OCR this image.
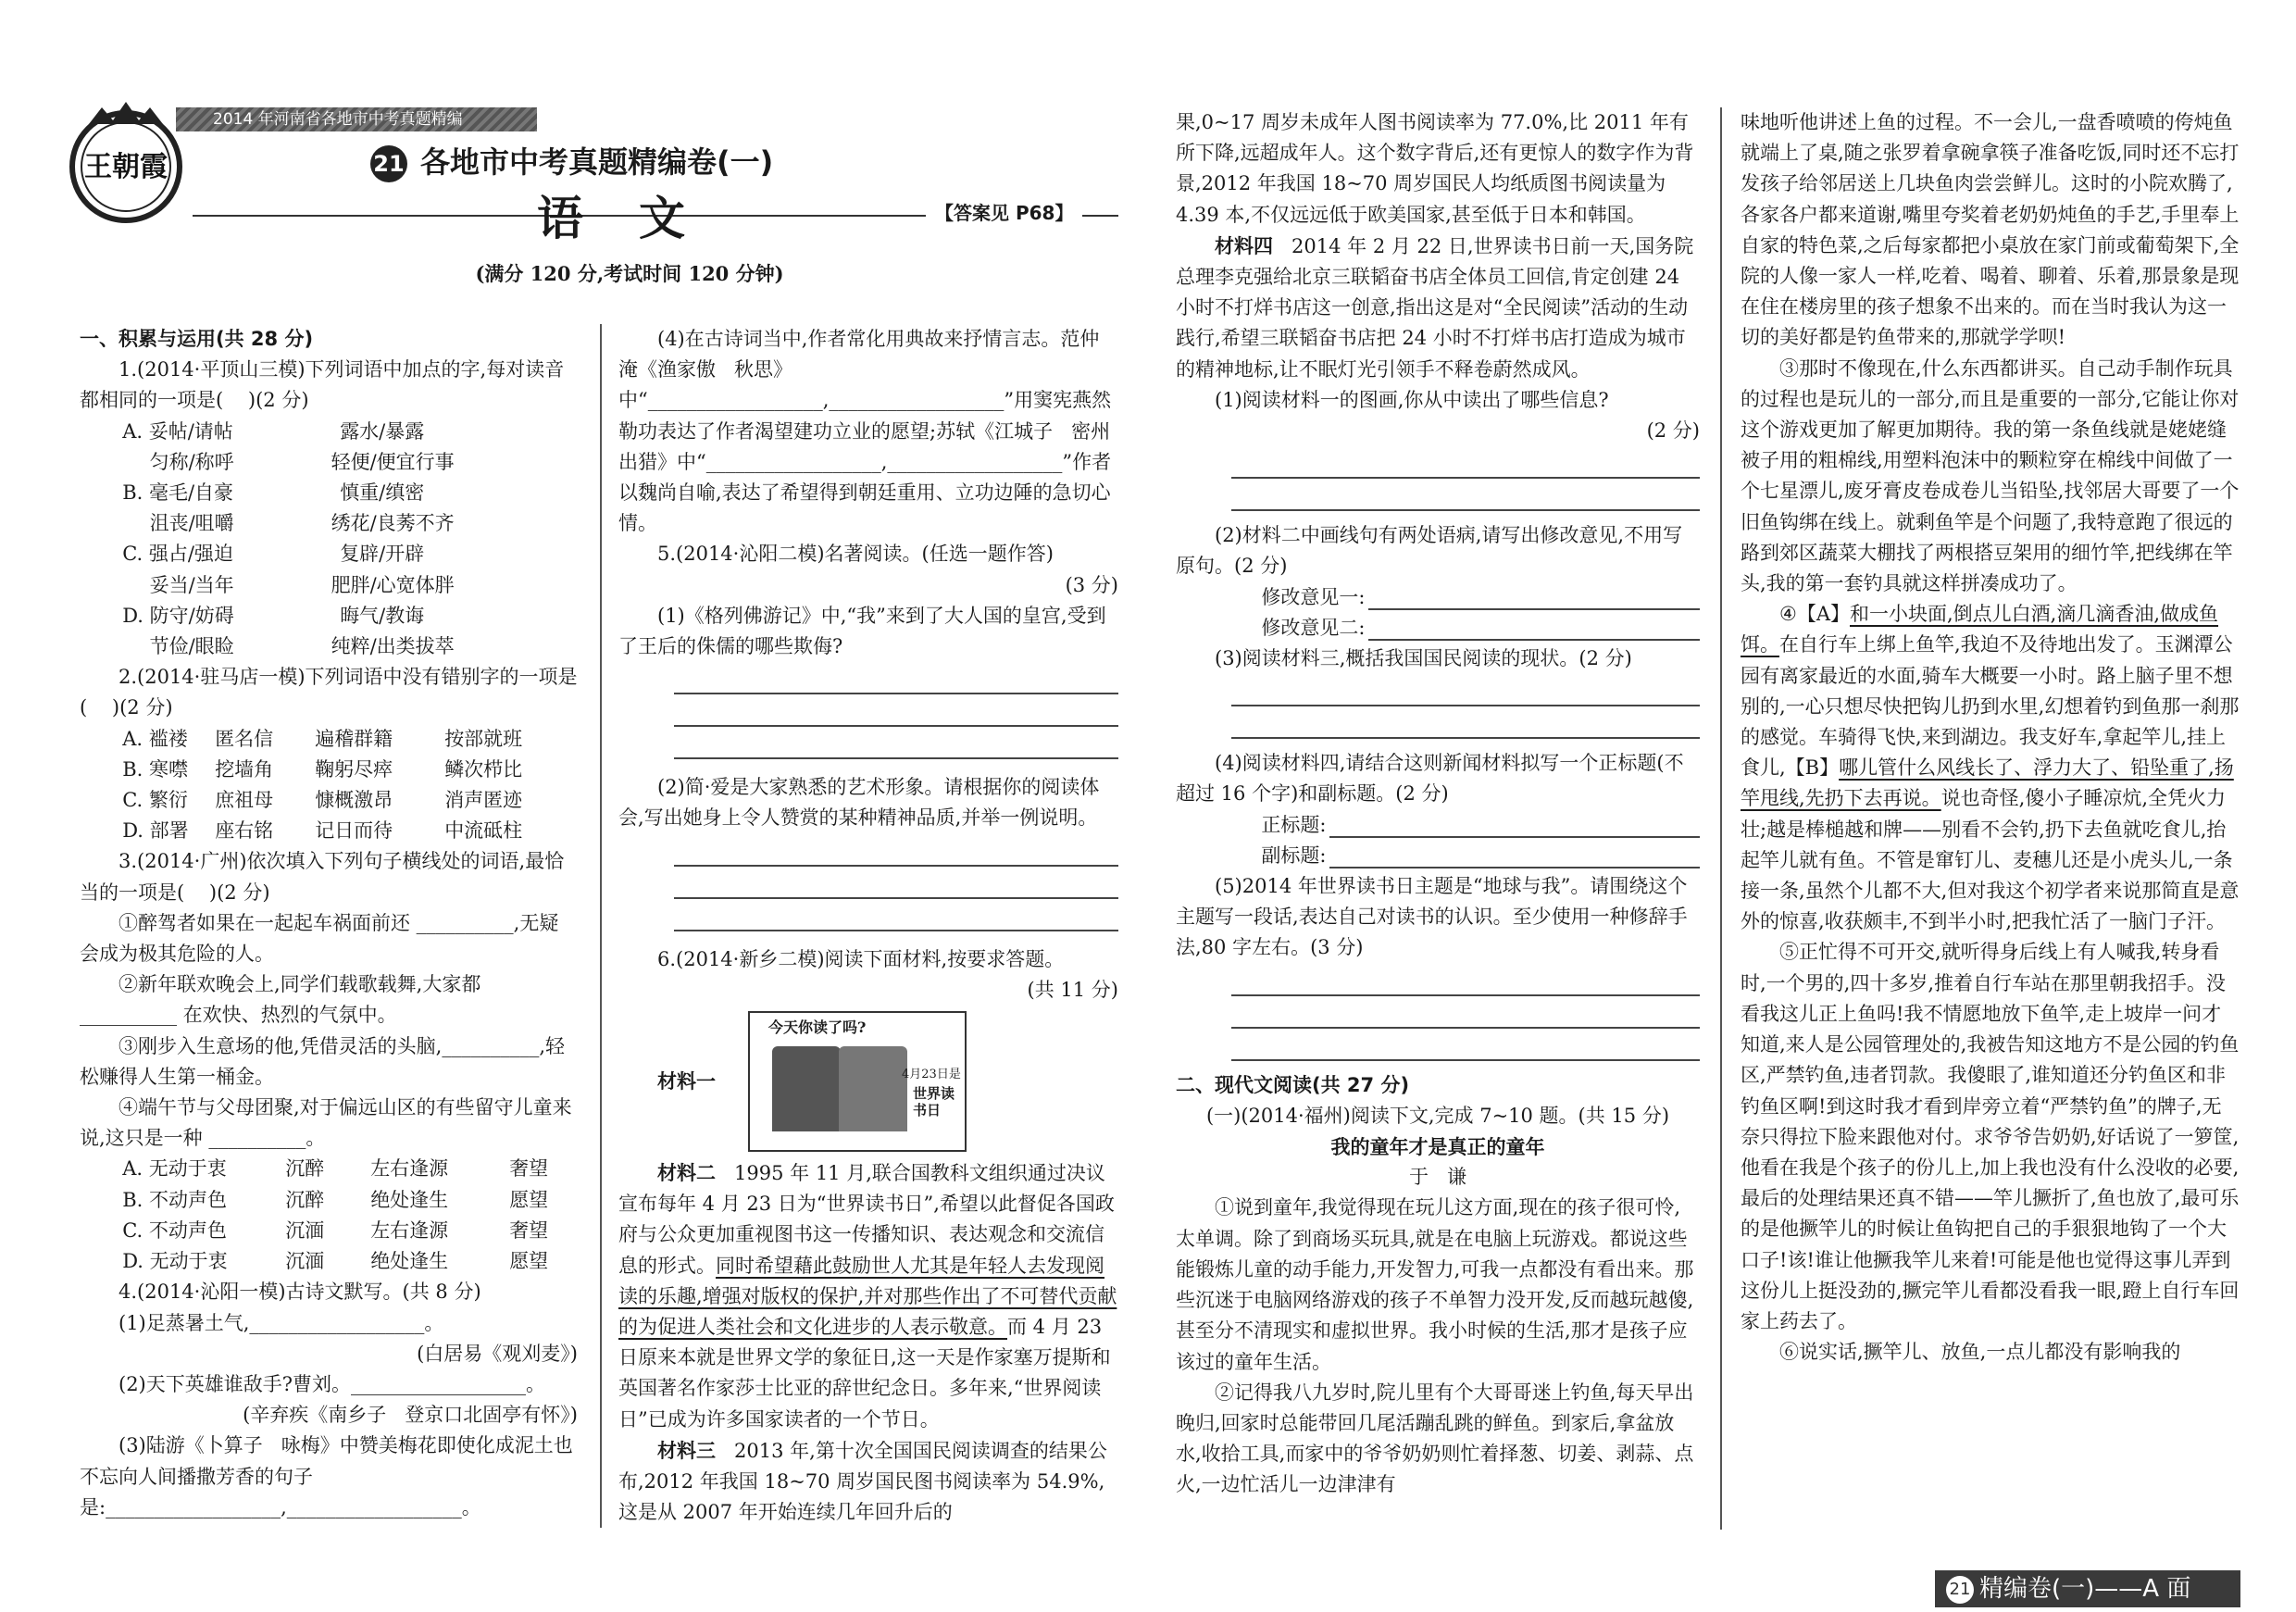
2014 年河南省各地市中考真题精编
王朝霞	21 各地市中考真题精编卷(一)
语文	【答案见 P68】
(满分 120 分,考试时间 120 分钟)

一、积累与运用(共 28 分)

1.(2014·平顶山三模)下列词语中加点的字,每对读音都相同的一项是(    )(2 分)

A. 妥帖/请帖	露水/暴露
匀称/称呼	轻便/便宜行事
B. 毫毛/自豪	慎重/缜密
沮丧/咀嚼	绣花/良莠不齐
C. 强占/强迫	复辟/开辟
妥当/当年	肥胖/心宽体胖
D. 防守/妨碍	晦气/教诲
节俭/眼睑	纯粹/出类拔萃

2.(2014·驻马店一模)下列词语中没有错别字的一项是(    )(2 分)

A. 褴褛	匿名信	遍稽群籍	按部就班
B. 寒噤	挖墙角	鞠躬尽瘁	鳞次栉比
C. 繁衍	庶祖母	慷概激昂	消声匿迹
D. 部署	座右铭	记日而待	中流砥柱

3.(2014·广州)依次填入下列句子横线处的词语,最恰当的一项是(    )(2 分)

①醉驾者如果在一起起车祸面前还 __________,无疑会成为极其危险的人。

②新年联欢晚会上,同学们载歌载舞,大家都 __________ 在欢快、热烈的气氛中。

③刚步入生意场的他,凭借灵活的头脑,__________,轻松赚得人生第一桶金。

④端午节与父母团聚,对于偏远山区的有些留守儿童来说,这只是一种 __________。

A. 无动于衷	沉醉	左右逢源	奢望
B. 不动声色	沉醉	绝处逢生	愿望
C. 不动声色	沉湎	左右逢源	奢望
D. 无动于衷	沉湎	绝处逢生	愿望

4.(2014·沁阳一模)古诗文默写。(共 8 分)

(1)足蒸暑土气,__________________。

(白居易《观刈麦》)

(2)天下英雄谁敌手?曹刘。__________________。

(辛弃疾《南乡子   登京口北固亭有怀》)

(3)陆游《卜算子   咏梅》中赞美梅花即使化成泥土也不忘向人间播撒芳香的句子是:__________________,__________________。

(4)在古诗词当中,作者常化用典故来抒情言志。范仲淹《渔家傲   秋思》中“__________________,__________________”用窦宪燕然勒功表达了作者渴望建功立业的愿望;苏轼《江城子   密州出猎》中“__________________,__________________”作者以魏尚自喻,表达了希望得到朝廷重用、立功边陲的急切心情。

5.(2014·沁阳二模)名著阅读。(任选一题作答)

(3 分)

(1)《格列佛游记》中,“我”来到了大人国的皇宫,受到了王后的侏儒的哪些欺侮?

(2)简·爱是大家熟悉的艺术形象。请根据你的阅读体会,写出她身上令人赞赏的某种精神品质,并举一例说明。

6.(2014·新乡二模)阅读下面材料,按要求答题。

(共 11 分)

材料一

今天你读了吗?
4月23日是
世界读书日

材料二 1995 年 11 月,联合国教科文组织通过决议宣布每年 4 月 23 日为“世界读书日”,希望以此督促各国政府与公众更加重视图书这一传播知识、表达观念和交流信息的形式。同时希望藉此鼓励世人尤其是年轻人去发现阅读的乐趣,增强对版权的保护,并对那些作出了不可替代贡献的为促进人类社会和文化进步的人表示敬意。而 4 月 23 日原来本就是世界文学的象征日,这一天是作家塞万提斯和英国著名作家莎士比亚的辞世纪念日。多年来,“世界阅读日”已成为许多国家读者的一个节日。

材料三 2013 年,第十次全国国民阅读调查的结果公布,2012 年我国 18~70 周岁国民图书阅读率为 54.9%,这是从 2007 年开始连续几年回升后的

果,0~17 周岁未成年人图书阅读率为 77.0%,比 2011 年有所下降,远超成年人。这个数字背后,还有更惊人的数字作为背景,2012 年我国 18~70 周岁国民人均纸质图书阅读量为 4.39 本,不仅远远低于欧美国家,甚至低于日本和韩国。

材料四 2014 年 2 月 22 日,世界读书日前一天,国务院总理李克强给北京三联韬奋书店全体员工回信,肯定创建 24 小时不打烊书店这一创意,指出这是对“全民阅读”活动的生动践行,希望三联韬奋书店把 24 小时不打烊书店打造成为城市的精神地标,让不眠灯光引领手不释卷蔚然成风。

(1)阅读材料一的图画,你从中读出了哪些信息?

(2 分)

(2)材料二中画线句有两处语病,请写出修改意见,不用写原句。(2 分)

修改意见一:
修改意见二:

(3)阅读材料三,概括我国国民阅读的现状。(2 分)

(4)阅读材料四,请结合这则新闻材料拟写一个正标题(不超过 16 个字)和副标题。(2 分)

正标题:
副标题:

(5)2014 年世界读书日主题是“地球与我”。请围绕这个主题写一段话,表达自己对读书的认识。至少使用一种修辞手法,80 字左右。(3 分)

二、现代文阅读(共 27 分)

(一)(2014·福州)阅读下文,完成 7~10 题。(共 15 分)

我的童年才是真正的童年

于   谦

①说到童年,我觉得现在玩儿这方面,现在的孩子很可怜,太单调。除了到商场买玩具,就是在电脑上玩游戏。都说这些能锻炼儿童的动手能力,开发智力,可我一点都没有看出来。那些沉迷于电脑网络游戏的孩子不单智力没开发,反而越玩越傻,甚至分不清现实和虚拟世界。我小时候的生活,那才是孩子应该过的童年生活。

②记得我八九岁时,院儿里有个大哥哥迷上钓鱼,每天早出晚归,回家时总能带回几尾活蹦乱跳的鲜鱼。到家后,拿盆放水,收拾工具,而家中的爷爷奶奶则忙着择葱、切姜、剥蒜、点火,一边忙活儿一边津津有

味地听他讲述上鱼的过程。不一会儿,一盘香喷喷的侉炖鱼就端上了桌,随之张罗着拿碗拿筷子准备吃饭,同时还不忘打发孩子给邻居送上几块鱼肉尝尝鲜儿。这时的小院欢腾了,各家各户都来道谢,嘴里夸奖着老奶奶炖鱼的手艺,手里奉上自家的特色菜,之后每家都把小桌放在家门前或葡萄架下,全院的人像一家人一样,吃着、喝着、聊着、乐着,那景象是现在住在楼房里的孩子想象不出来的。而在当时我认为这一切的美好都是钓鱼带来的,那就学学呗!

③那时不像现在,什么东西都讲买。自己动手制作玩具的过程也是玩儿的一部分,而且是重要的一部分,它能让你对这个游戏更加了解更加期待。我的第一条鱼线就是姥姥缝被子用的粗棉线,用塑料泡沫中的颗粒穿在棉线中间做了一个七星漂儿,废牙膏皮卷成卷儿当铅坠,找邻居大哥要了一个旧鱼钩绑在线上。就剩鱼竿是个问题了,我特意跑了很远的路到郊区蔬菜大棚找了两根搭豆架用的细竹竿,把线绑在竿头,我的第一套钓具就这样拼凑成功了。

④【A】和一小块面,倒点儿白酒,滴几滴香油,做成鱼饵。在自行车上绑上鱼竿,我迫不及待地出发了。玉渊潭公园有离家最近的水面,骑车大概要一小时。路上脑子里不想别的,一心只想尽快把钩儿扔到水里,幻想着钓到鱼那一刹那的感觉。车骑得飞快,来到湖边。我支好车,拿起竿儿,挂上食儿,【B】哪儿管什么风线长了、浮力大了、铅坠重了,扬竿甩线,先扔下去再说。说也奇怪,傻小子睡凉炕,全凭火力壮;越是棒槌越和牌——别看不会钓,扔下去鱼就吃食儿,抬起竿儿就有鱼。不管是窜钉儿、麦穗儿还是小虎头儿,一条接一条,虽然个儿都不大,但对我这个初学者来说那简直是意外的惊喜,收获颇丰,不到半小时,把我忙活了一脑门子汗。

⑤正忙得不可开交,就听得身后线上有人喊我,转身看时,一个男的,四十多岁,推着自行车站在那里朝我招手。没看我这儿正上鱼吗!我不情愿地放下鱼竿,走上坡岸一问才知道,来人是公园管理处的,我被告知这地方不是公园的钓鱼区,严禁钓鱼,违者罚款。我傻眼了,谁知道还分钓鱼区和非钓鱼区啊!到这时我才看到岸旁立着“严禁钓鱼”的牌子,无奈只得拉下脸来跟他对付。求爷爷告奶奶,好话说了一箩筐,他看在我是个孩子的份儿上,加上我也没有什么没收的必要,最后的处理结果还真不错——竿儿撅折了,鱼也放了,最可乐的是他撅竿儿的时候让鱼钩把自己的手狠狠地钩了一个大口子!该!谁让他撅我竿儿来着!可能是他也觉得这事儿弄到这份儿上挺没劲的,撅完竿儿看都没看我一眼,蹬上自行车回家上药去了。

⑥说实话,撅竿儿、放鱼,一点儿都没有影响我的

21 精编卷(一)——A 面
